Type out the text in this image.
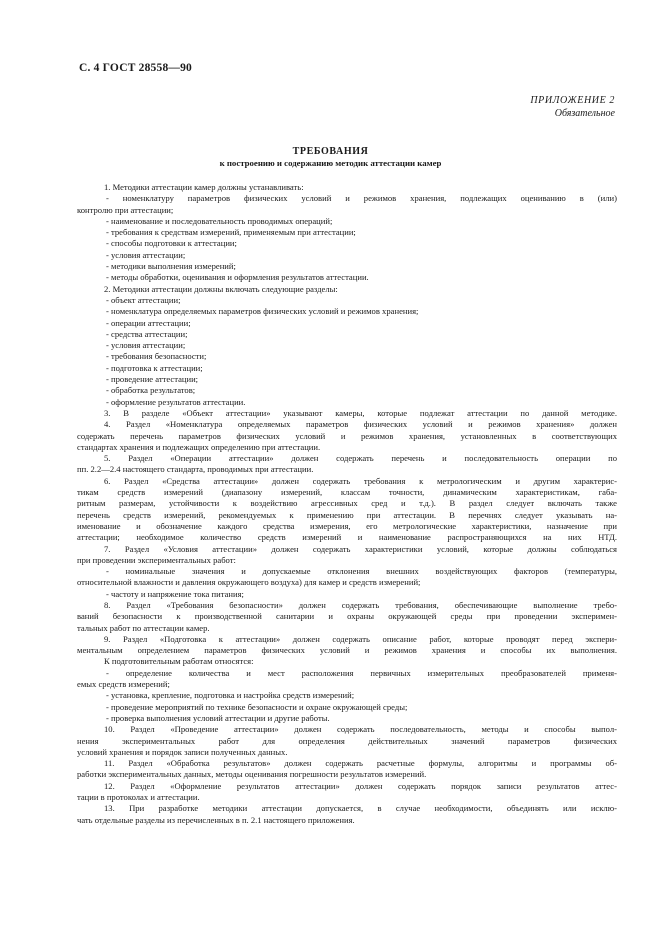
С. 4 ГОСТ 28558—90
ПРИЛОЖЕНИЕ 2
Обязательное
ТРЕБОВАНИЯ
к построению и содержанию методик аттестации камер
1. Методики аттестации камер должны устанавливать:
- номенклатуру параметров физических условий и режимов хранения, подлежащих оцениванию в (или)
контролю при аттестации;
- наименование и последовательность проводимых операций;
- требования к средствам измерений, применяемым при аттестации;
- способы подготовки к аттестации;
- условия аттестации;
- методики выполнения измерений;
- методы обработки, оценивания и оформления результатов аттестации.
2. Методики аттестации должны включать следующие разделы:
- объект аттестации;
- номенклатура определяемых параметров физических условий и режимов хранения;
- операции аттестации;
- средства аттестации;
- условия аттестации;
- требования безопасности;
- подготовка к аттестации;
- проведение аттестации;
- обработка результатов;
- оформление результатов аттестации.
3. В разделе «Объект аттестации» указывают камеры, которые подлежат аттестации по данной методике.
4. Раздел «Номенклатура определяемых параметров физических условий и режимов хранения» должен
содержать перечень параметров физических условий и режимов хранения, установленных в соответствующих
стандартах хранения и подлежащих определению при аттестации.
5. Раздел «Операции аттестации» должен содержать перечень и последовательность операции по
пп. 2.2—2.4 настоящего стандарта, проводимых при аттестации.
6. Раздел «Средства аттестации» должен содержать требования к метрологическим и другим характерис-
тикам средств измерений (диапазону измерений, классам точности, динамическим характеристикам, габа-
ритным размерам, устойчивости к воздействию агрессивных сред и т.д.). В раздел следует включать также
перечень средств измерений, рекомендуемых к применению при аттестации. В перечнях следует указывать на-
именование и обозначение каждого средства измерения, его метрологические характеристики, назначение при
аттестации; необходимое количество средств измерений и наименование распространяющихся на них НТД.
7. Раздел «Условия аттестации» должен содержать характеристики условий, которые должны соблюдаться
при проведении экспериментальных работ:
- номинальные значения и допускаемые отклонения внешних воздействующих факторов (температуры,
относительной влажности и давления окружающего воздуха) для камер и средств измерений;
- частоту и напряжение тока питания;
8. Раздел «Требования безопасности» должен содержать требования, обеспечивающие выполнение требо-
ваний безопасности к производственной санитарии и охраны окружающей среды при проведении эксперимен-
тальных работ по аттестации камер.
9. Раздел «Подготовка к аттестации» должен содержать описание работ, которые проводят перед экспери-
ментальным определением параметров физических условий и режимов хранения и способы их выполнения.
К подготовительным работам относятся:
- определение количества и мест расположения первичных измерительных преобразователей применя-
емых средств измерений;
- установка, крепление, подготовка и настройка средств измерений;
- проведение мероприятий по технике безопасности и охране окружающей среды;
- проверка выполнения условий аттестации и другие работы.
10. Раздел «Проведение аттестации» должен содержать последовательность, методы и способы выпол-
нения экспериментальных работ для определения действительных значений параметров физических
условий хранения и порядок записи полученных данных.
11. Раздел «Обработка результатов» должен содержать расчетные формулы, алгоритмы и программы об-
работки экспериментальных данных, методы оценивания погрешности результатов измерений.
12. Раздел «Оформление результатов аттестации» должен содержать порядок записи результатов аттес-
тации в протоколах и аттестации.
13. При разработке методики аттестации допускается, в случае необходимости, объединять или исклю-
чать отдельные разделы из перечисленных в п. 2.1 настоящего приложения.
